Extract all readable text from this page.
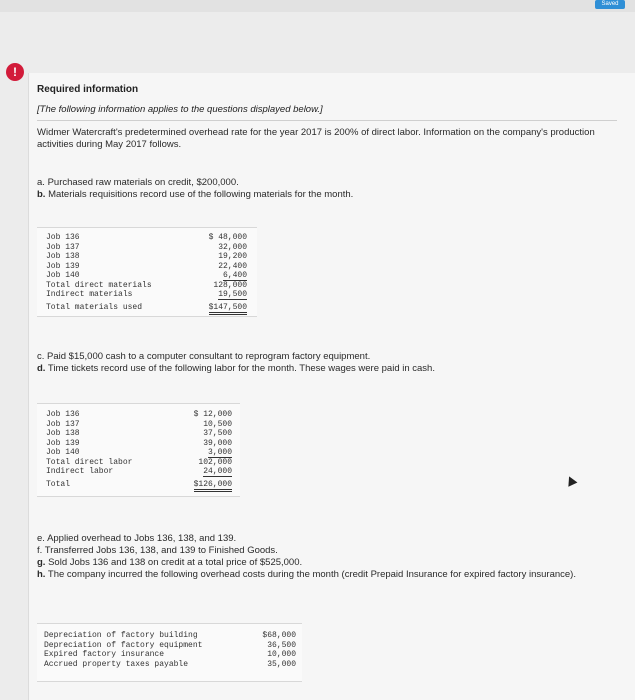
Saved
!
Required information
[The following information applies to the questions displayed below.]
Widmer Watercraft's predetermined overhead rate for the year 2017 is 200% of direct labor. Information on the company's production activities during May 2017 follows.
a. Purchased raw materials on credit, $200,000.
b. Materials requisitions record use of the following materials for the month.
Job 136	$ 48,000
Job 137	32,000
Job 138	19,200
Job 139	22,400
Job 140	6,400
Total direct materials	128,000
Indirect materials	19,500
Total materials used	$147,500
c. Paid $15,000 cash to a computer consultant to reprogram factory equipment.
d. Time tickets record use of the following labor for the month. These wages were paid in cash.
Job 136	$ 12,000
Job 137	10,500
Job 138	37,500
Job 139	39,000
Job 140	3,000
Total direct labor	102,000
Indirect labor	24,000
Total	$126,000
e. Applied overhead to Jobs 136, 138, and 139.
f. Transferred Jobs 136, 138, and 139 to Finished Goods.
g. Sold Jobs 136 and 138 on credit at a total price of $525,000.
h. The company incurred the following overhead costs during the month (credit Prepaid Insurance for expired factory insurance).
Depreciation of factory building	$68,000
Depreciation of factory equipment	36,500
Expired factory insurance	10,000
Accrued property taxes payable	35,000
